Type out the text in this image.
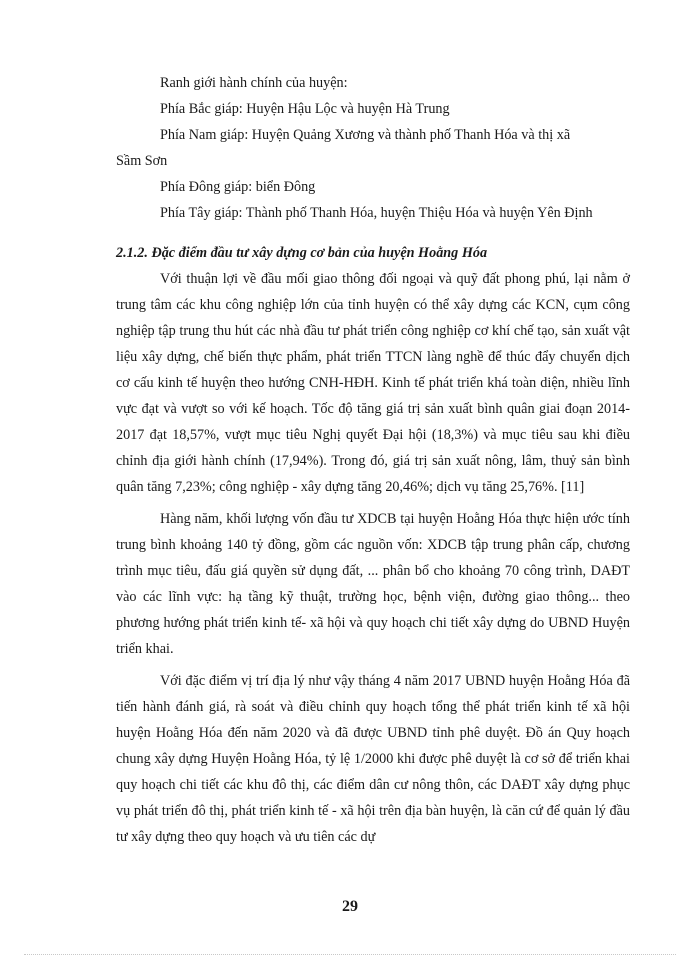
Ranh giới hành chính của huyện:
Phía Bắc giáp: Huyện Hậu Lộc và huyện Hà Trung
Phía Nam giáp: Huyện Quảng Xương và thành phố Thanh Hóa và thị xã
Sầm Sơn
Phía Đông giáp: biển Đông
Phía Tây giáp: Thành phố Thanh Hóa, huyện Thiệu Hóa và huyện Yên Định
2.1.2. Đặc điểm đầu tư xây dựng cơ bản của huyện Hoằng Hóa

Với thuận lợi về đầu mối giao thông đối ngoại và quỹ đất phong phú, lại nằm ở trung tâm các khu công nghiệp lớn của tỉnh huyện có thể xây dựng các KCN, cụm công nghiệp tập trung thu hút các nhà đầu tư phát triển công nghiệp cơ khí chế tạo, sản xuất vật liệu xây dựng, chế biến thực phẩm, phát triển TTCN làng nghề để thúc đẩy chuyển dịch cơ cấu kinh tế huyện theo hướng CNH-HĐH. Kinh tế phát triển khá toàn diện, nhiều lĩnh vực đạt và vượt so với kế hoạch. Tốc độ tăng giá trị sản xuất bình quân giai đoạn 2014-2017 đạt 18,57%, vượt mục tiêu Nghị quyết Đại hội (18,3%) và mục tiêu sau khi điều chỉnh địa giới hành chính (17,94%). Trong đó, giá trị sản xuất nông, lâm, thuỷ sản bình quân tăng 7,23%; công nghiệp - xây dựng tăng 20,46%; dịch vụ tăng 25,76%. [11]

Hàng năm, khối lượng vốn đầu tư XDCB tại huyện Hoằng Hóa thực hiện ước tính trung bình khoảng 140 tỷ đồng, gồm các nguồn vốn: XDCB tập trung phân cấp, chương trình mục tiêu, đấu giá quyền sử dụng đất, ... phân bổ cho khoảng 70 công trình, DAĐT vào các lĩnh vực: hạ tầng kỹ thuật, trường học, bệnh viện, đường giao thông... theo phương hướng phát triển kinh tế- xã hội và quy hoạch chi tiết xây dựng do UBND Huyện triển khai.

Với đặc điểm vị trí địa lý như vậy tháng 4 năm 2017 UBND huyện Hoằng Hóa đã tiến hành đánh giá, rà soát và điều chỉnh quy hoạch tổng thể phát triển kinh tế xã hội huyện Hoằng Hóa đến năm 2020 và đã được UBND tỉnh phê duyệt. Đồ án Quy hoạch chung xây dựng Huyện Hoằng Hóa, tỷ lệ 1/2000 khi được phê duyệt là cơ sở để triển khai quy hoạch chi tiết các khu đô thị, các điểm dân cư nông thôn, các DAĐT xây dựng phục vụ phát triển đô thị, phát triển kinh tế - xã hội trên địa bàn huyện, là căn cứ để quản lý đầu tư xây dựng theo quy hoạch và ưu tiên các dự

29
